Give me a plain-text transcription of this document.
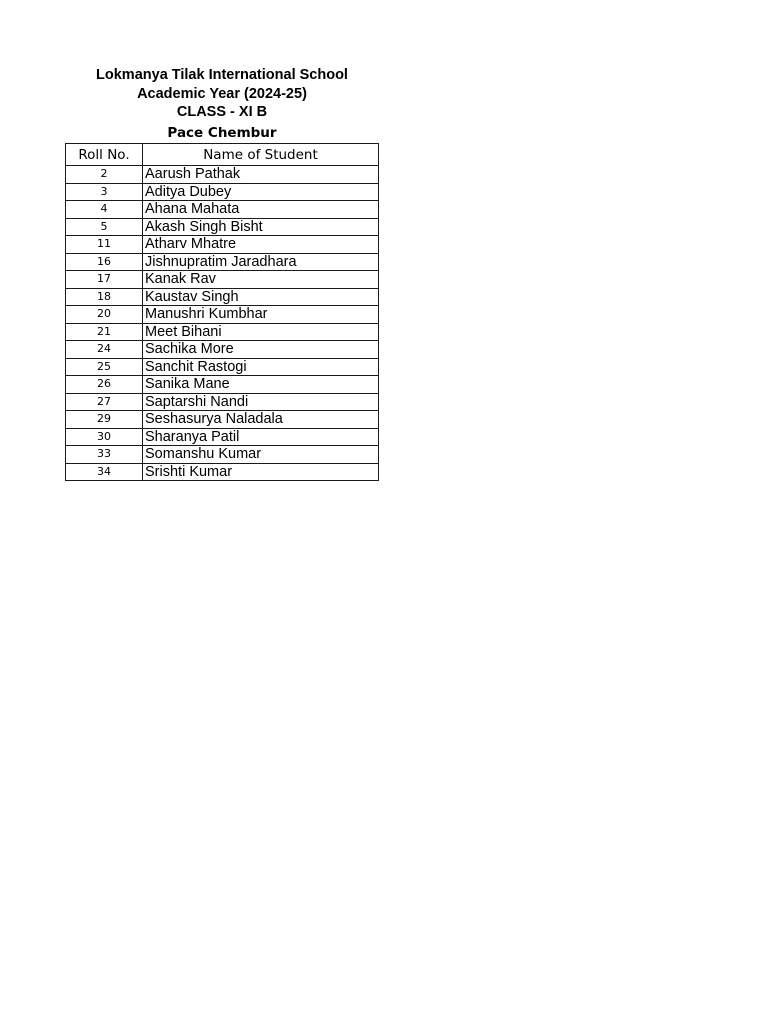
Lokmanya Tilak International School
Academic Year (2024-25)
CLASS - XI B
Pace Chembur
Roll No.	Name of Student
2	Aarush Pathak
3	Aditya Dubey
4	Ahana Mahata
5	Akash Singh Bisht
11	Atharv Mhatre
16	Jishnupratim Jaradhara
17	Kanak Rav
18	Kaustav Singh
20	Manushri Kumbhar
21	Meet Bihani
24	Sachika More
25	Sanchit Rastogi
26	Sanika Mane
27	Saptarshi Nandi
29	Seshasurya Naladala
30	Sharanya Patil
33	Somanshu Kumar
34	Srishti Kumar
